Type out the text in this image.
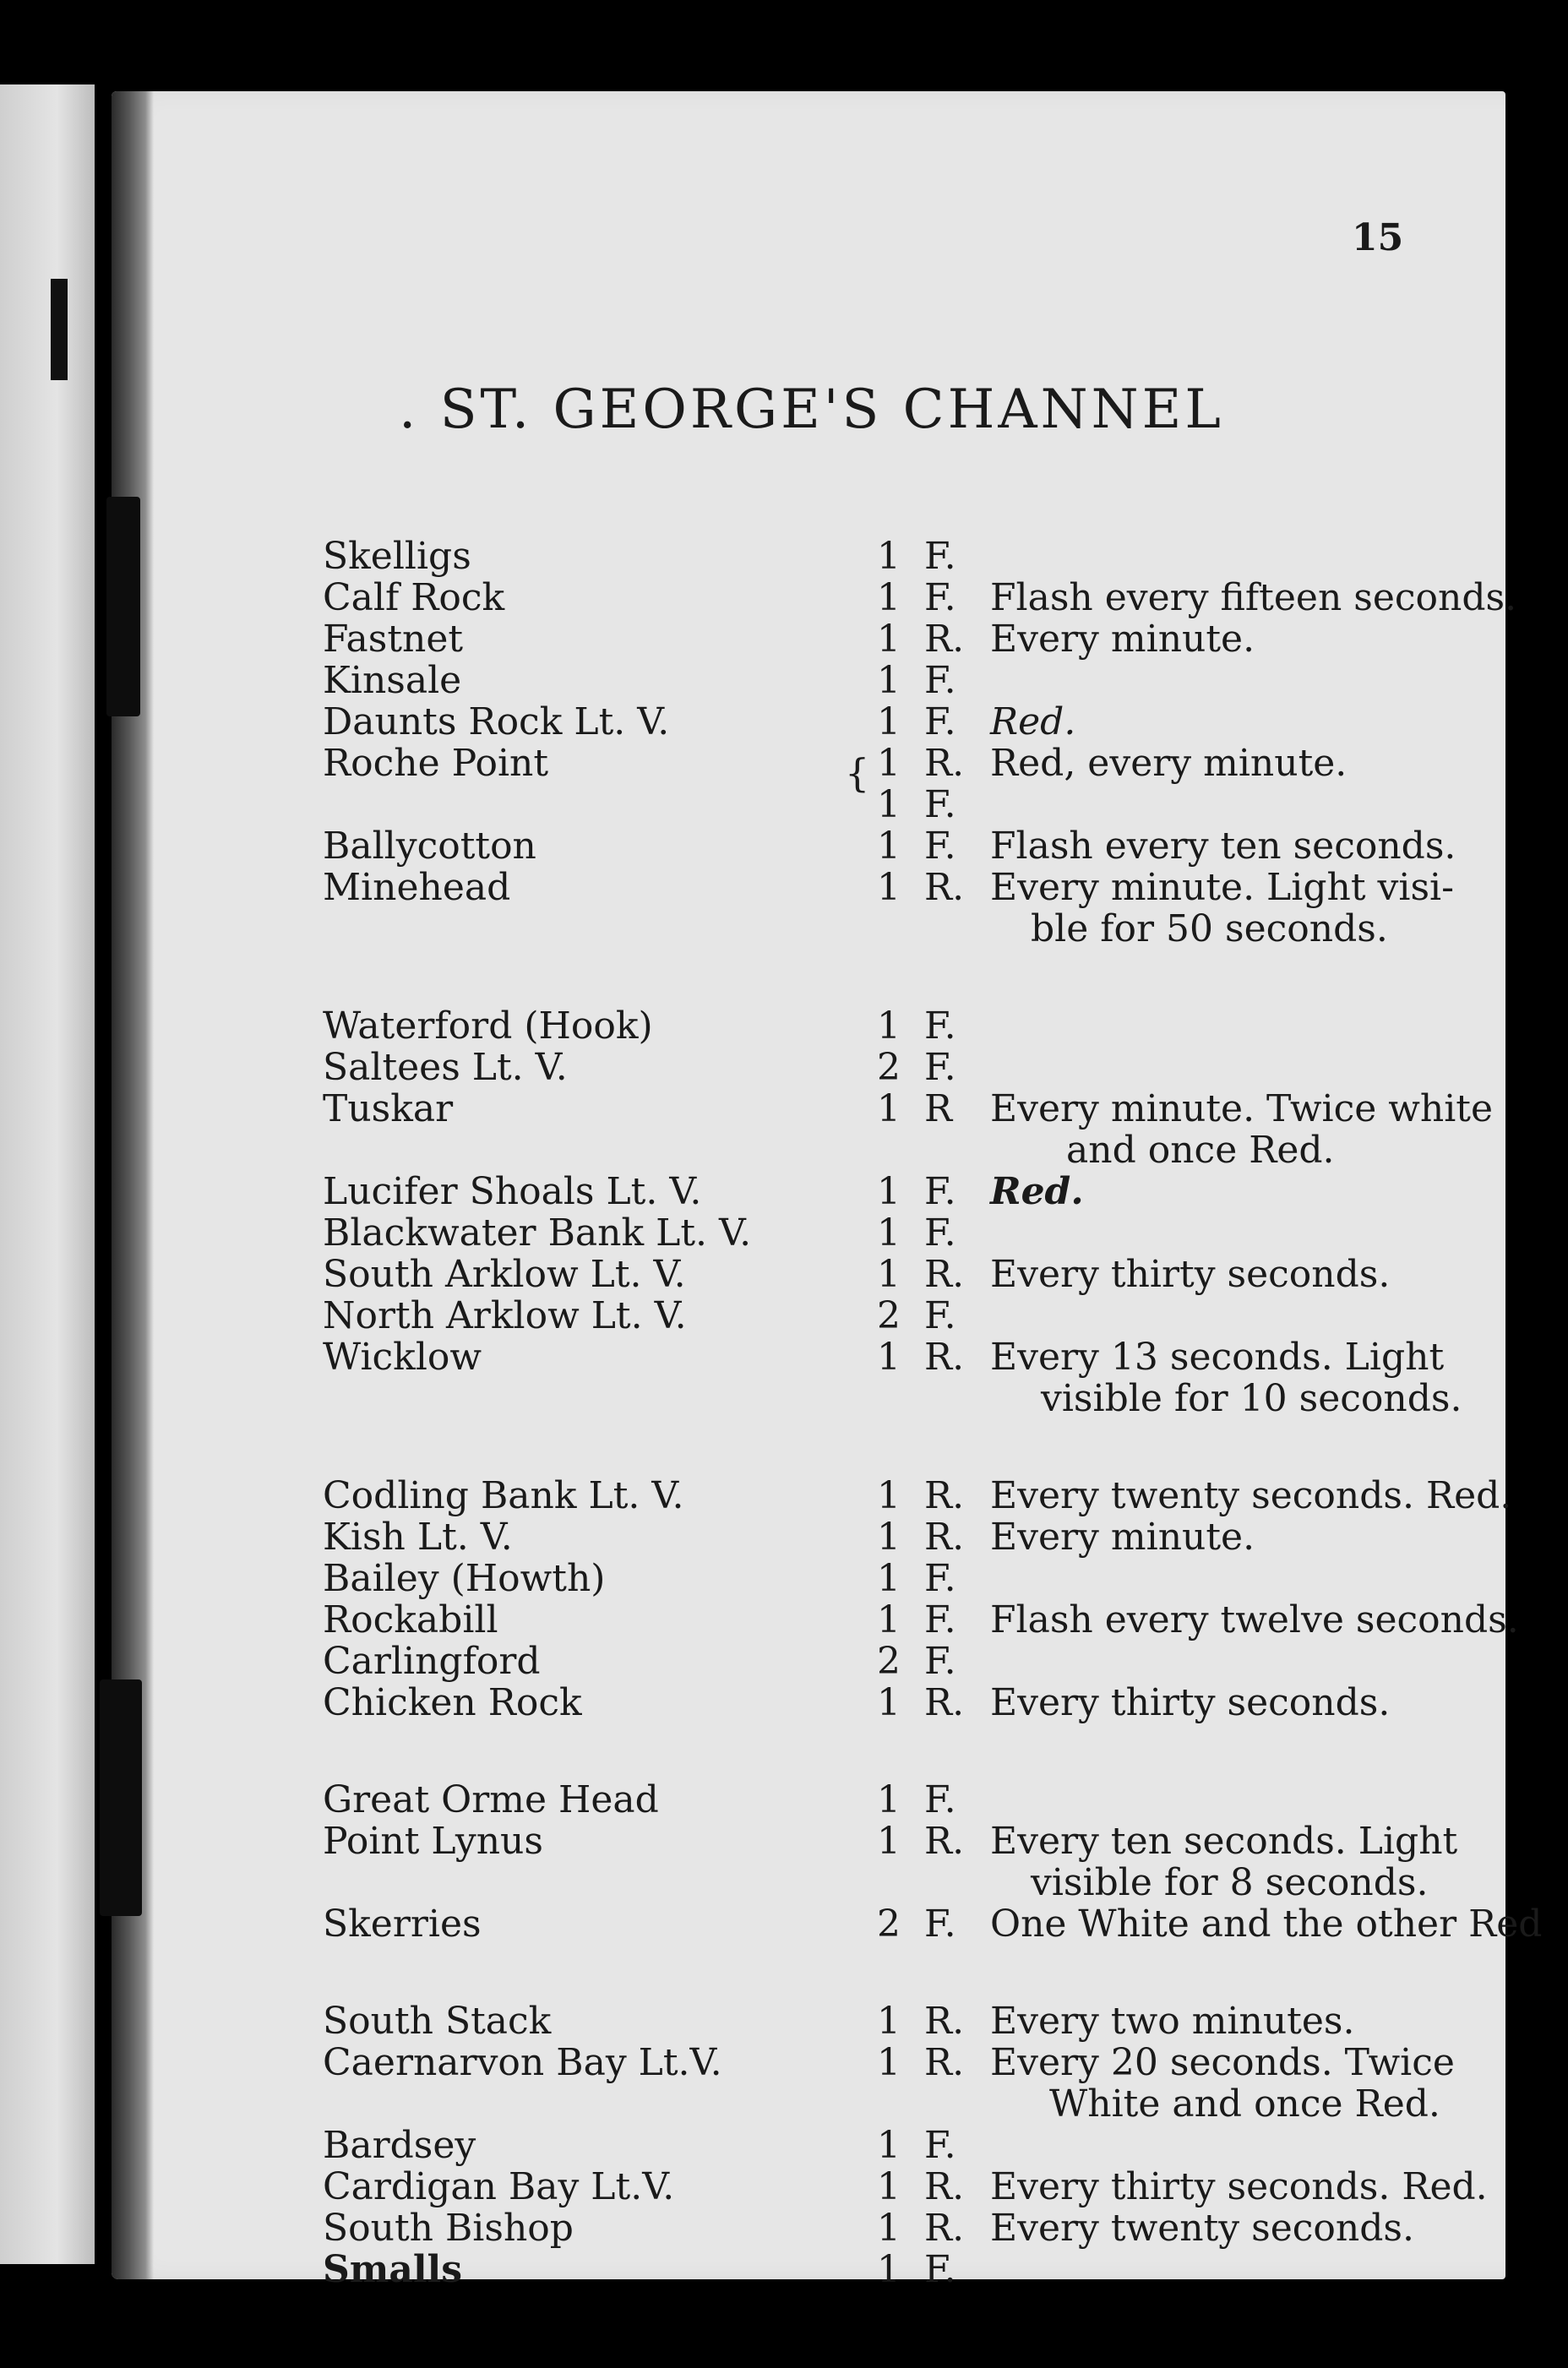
15
. ST. GEORGE'S CHANNEL
Skelligs	1 F.
Calf Rock	1 F. Flash every fifteen seconds.
Fastnet	1 R. Every minute.
Kinsale	1 F.
Daunts Rock Lt. V.	1 F. Red.
Roche Point	{ 1 R. Red, every minute.
1 F.
Ballycotton	1 F. Flash every ten seconds.
Minehead	1 R. Every minute. Light visi-
ble for 50 seconds.
Waterford (Hook)	1 F.
Saltees Lt. V.	2 F.
Tuskar	1 R Every minute. Twice white
and once Red.
Lucifer Shoals Lt. V.	1 F. Red.
Blackwater Bank Lt. V.	1 F.
South Arklow Lt. V.	1 R. Every thirty seconds.
North Arklow Lt. V.	2 F.
Wicklow	1 R. Every 13 seconds. Light
visible for 10 seconds.
Codling Bank Lt. V.	1 R. Every twenty seconds. Red.
Kish Lt. V.	1 R. Every minute.
Bailey (Howth)	1 F.
Rockabill	1 F. Flash every twelve seconds.
Carlingford	2 F.
Chicken Rock	1 R. Every thirty seconds.
Great Orme Head	1 F.
Point Lynus	1 R. Every ten seconds. Light
visible for 8 seconds.
Skerries	2 F. One White and the other Red
South Stack	1 R. Every two minutes.
Caernarvon Bay Lt.V.	1 R. Every 20 seconds. Twice
White and once Red.
Bardsey	1 F.
Cardigan Bay Lt.V.	1 R. Every thirty seconds. Red.
South Bishop	1 R. Every twenty seconds.
Smalls	1 F.
